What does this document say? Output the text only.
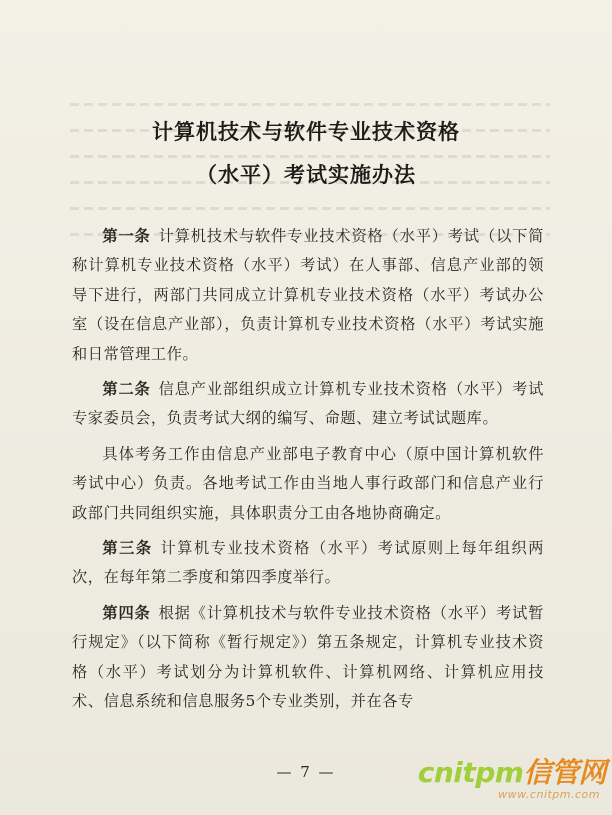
计算机技术与软件专业技术资格
（水平）考试实施办法

第一条 计算机技术与软件专业技术资格（水平）考试（以下简称计算机专业技术资格（水平）考试）在人事部、信息产业部的领导下进行，两部门共同成立计算机专业技术资格（水平）考试办公室（设在信息产业部），负责计算机专业技术资格（水平）考试实施和日常管理工作。

第二条 信息产业部组织成立计算机专业技术资格（水平）考试专家委员会，负责考试大纲的编写、命题、建立考试试题库。

具体考务工作由信息产业部电子教育中心（原中国计算机软件考试中心）负责。各地考试工作由当地人事行政部门和信息产业行政部门共同组织实施，具体职责分工由各地协商确定。

第三条 计算机专业技术资格（水平）考试原则上每年组织两次，在每年第二季度和第四季度举行。

第四条 根据《计算机技术与软件专业技术资格（水平）考试暂行规定》（以下简称《暂行规定》）第五条规定，计算机专业技术资格（水平）考试划分为计算机软件、计算机网络、计算机应用技术、信息系统和信息服务5个专业类别，并在各专

— 7 —	cnitpm信管网
www.cnitpm.com
